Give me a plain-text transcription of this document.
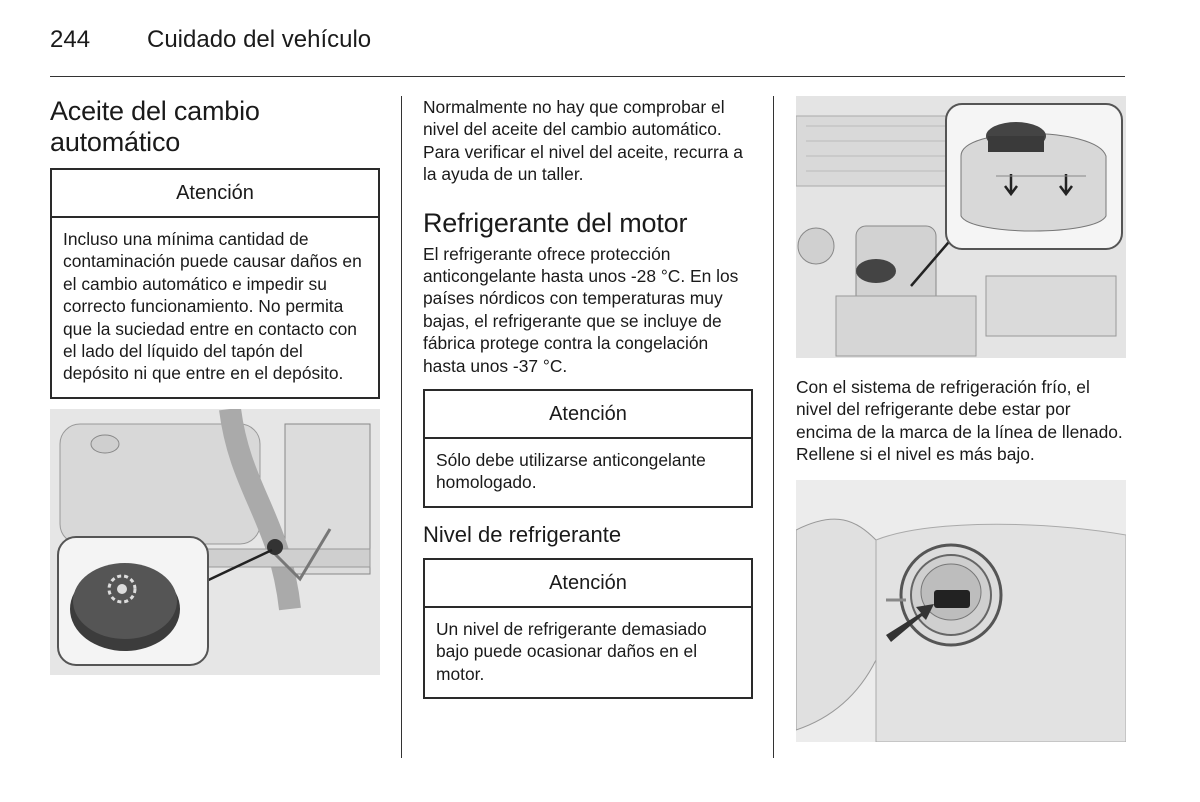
244 Cuidado del vehículo
Aceite del cambio automático
Atención
Incluso una mínima cantidad de contaminación puede causar daños en el cambio automático e impedir su correcto funcionamiento. No permita que la suciedad entre en contacto con el lado del líquido del tapón del depósito ni que entre en el depósito.

Normalmente no hay que comprobar el nivel del aceite del cambio automático. Para verificar el nivel del aceite, recurra a la ayuda de un taller.

Refrigerante del motor

El refrigerante ofrece protección anticongelante hasta unos -28 °C. En los países nórdicos con temperaturas muy bajas, el refrigerante que se incluye de fábrica protege contra la congelación hasta unos -37 °C.

Atención
Sólo debe utilizarse anticongelante homologado.
Nivel de refrigerante
Atención
Un nivel de refrigerante demasiado bajo puede ocasionar daños en el motor.

Con el sistema de refrigeración frío, el nivel del refrigerante debe estar por encima de la marca de la línea de llenado. Rellene si el nivel es más bajo.
